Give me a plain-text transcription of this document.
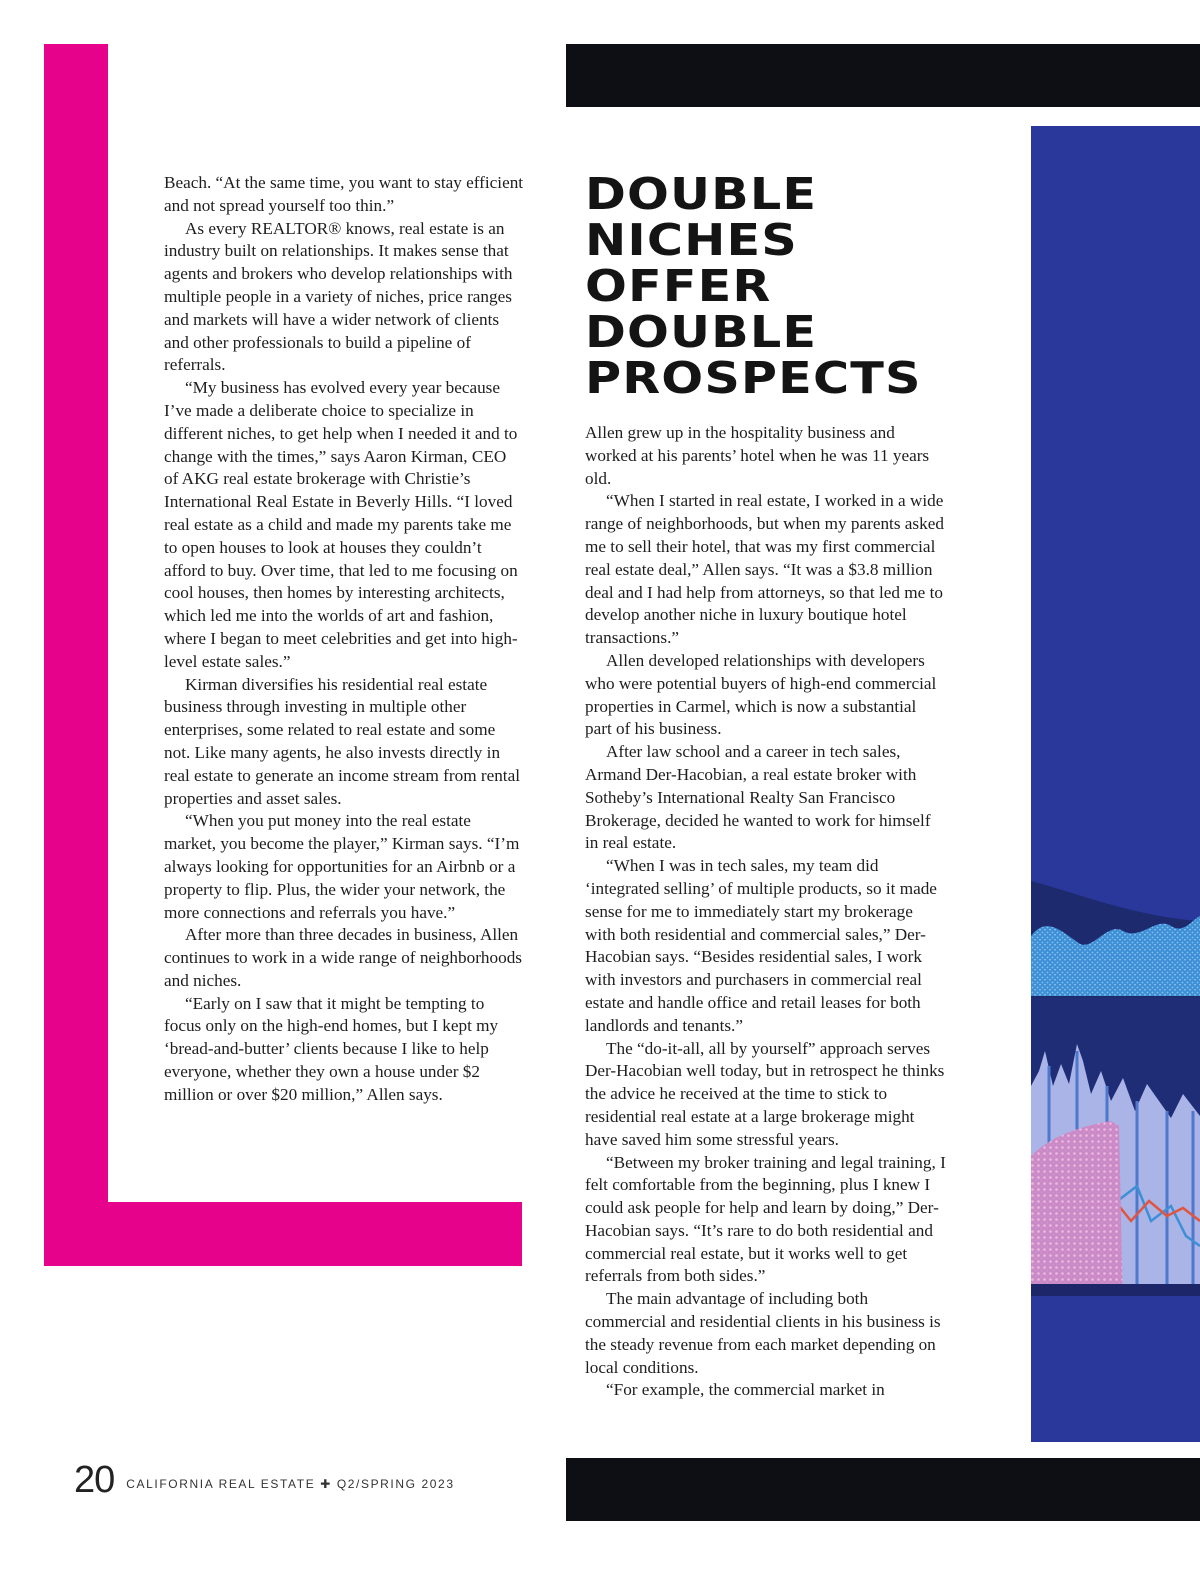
Beach. “At the same time, you want to stay efficient and not spread yourself too thin.”

As every REALTOR® knows, real estate is an industry built on relationships. It makes sense that agents and brokers who develop relationships with multiple people in a variety of niches, price ranges and markets will have a wider network of clients and other professionals to build a pipeline of referrals.

“My business has evolved every year because I’ve made a deliberate choice to specialize in different niches, to get help when I needed it and to change with the times,” says Aaron Kirman, CEO of AKG real estate brokerage with Christie’s International Real Estate in Beverly Hills. “I loved real estate as a child and made my parents take me to open houses to look at houses they couldn’t afford to buy. Over time, that led to me focusing on cool houses, then homes by interesting architects, which led me into the worlds of art and fashion, where I began to meet celebrities and get into high-level estate sales.”

Kirman diversifies his residential real estate business through investing in multiple other enterprises, some related to real estate and some not. Like many agents, he also invests directly in real estate to generate an income stream from rental properties and asset sales.

“When you put money into the real estate market, you become the player,” Kirman says. “I’m always looking for opportunities for an Airbnb or a property to flip. Plus, the wider your network, the more connections and referrals you have.”

After more than three decades in business, Allen continues to work in a wide range of neighborhoods and niches.

“Early on I saw that it might be tempting to focus only on the high-end homes, but I kept my ‘bread-and-butter’ clients because I like to help everyone, whether they own a house under $2 million or over $20 million,” Allen says.

DOUBLE
NICHES
OFFER
DOUBLE
PROSPECTS

Allen grew up in the hospitality business and worked at his parents’ hotel when he was 11 years old.

“When I started in real estate, I worked in a wide range of neighborhoods, but when my parents asked me to sell their hotel, that was my first commercial real estate deal,” Allen says. “It was a $3.8 million deal and I had help from attorneys, so that led me to develop another niche in luxury boutique hotel transactions.”

Allen developed relationships with developers who were potential buyers of high-end commercial properties in Carmel, which is now a substantial part of his business.

After law school and a career in tech sales, Armand Der-Hacobian, a real estate broker with Sotheby’s International Realty San Francisco Brokerage, decided he wanted to work for himself in real estate.

“When I was in tech sales, my team did ‘integrated selling’ of multiple products, so it made sense for me to immediately start my brokerage with both residential and commercial sales,” Der-Hacobian says. “Besides residential sales, I work with investors and purchasers in commercial real estate and handle office and retail leases for both landlords and tenants.”

The “do-it-all, all by yourself” approach serves Der-Hacobian well today, but in retrospect he thinks the advice he received at the time to stick to residential real estate at a large brokerage might have saved him some stressful years.

“Between my broker training and legal training, I felt comfortable from the beginning, plus I knew I could ask people for help and learn by doing,” Der-Hacobian says. “It’s rare to do both residential and commercial real estate, but it works well to get referrals from both sides.”

The main advantage of including both commercial and residential clients in his business is the steady revenue from each market depending on local conditions.

“For example, the commercial market in

20 CALIFORNIA REAL ESTATE ✚ Q2/SPRING 2023
